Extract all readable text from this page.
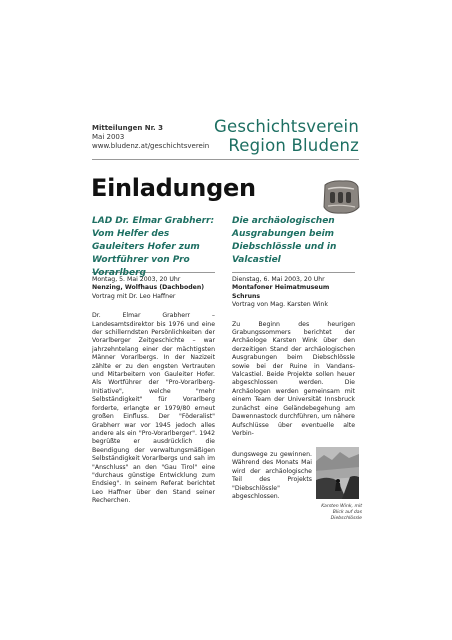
Mitteilungen Nr. 3
Mai 2003
www.bludenz.at/geschichtsverein
Geschichtsverein
Region Bludenz
Einladungen
LAD Dr. Elmar Grabherr: Vom Helfer des Gauleiters Hofer zum Wortführer von Pro Vorarlberg
Montag, 5. Mai 2003, 20 Uhr
Nenzing, Wolfhaus (Dachboden)
Vortrag mit Dr. Leo Haffner

Dr. Elmar Grabherr – Landesamtsdirektor bis 1976 und eine der schillerndsten Persönlichkeiten der Vorarlberger Zeitgeschichte – war jahrzehntelang einer der mächtigsten Männer Vorarlbergs. In der Nazizeit zählte er zu den engsten Vertrauten und Mitarbeitern von Gauleiter Hofer. Als Wortführer der "Pro-Vorarlberg-Initiative", welche "mehr Selbständigkeit" für Vorarlberg forderte, erlangte er 1979/80 erneut großen Einfluss. Der "Föderalist" Grabherr war vor 1945 jedoch alles andere als ein "Pro-Vorarlberger". 1942 begrüßte er ausdrücklich die Beendigung der verwaltungsmäßigen Selbständigkeit Vorarlbergs und sah im "Anschluss" an den "Gau Tirol" eine "durchaus günstige Entwicklung zum Endsieg". In seinem Referat berichtet Leo Haffner über den Stand seiner Recherchen.

Die archäologischen Ausgrabungen beim Diebschlössle und in Valcastiel
Dienstag, 6. Mai 2003, 20 Uhr
Montafoner Heimatmuseum Schruns
Vortrag von Mag. Karsten Wink

Zu Beginn des heurigen Grabungssommers berichtet der Archäologe Karsten Wink über den derzeitigen Stand der archäologischen Ausgrabungen beim Diebschlössle sowie bei der Ruine in Vandans-Valcastiel. Beide Projekte sollen heuer abgeschlossen werden. Die Archäologen werden gemeinsam mit einem Team der Universität Innsbruck zunächst eine Geländebegehung am Dawennastock durchführen, um nähere Aufschlüsse über eventuelle alte Verbin-

dungswege zu gewinnen. Während des Monats Mai wird der archäologische Teil des Projekts "Diebschlössle" abgeschlossen.
Karsten Wink, mit Blick auf das Diebschlössle
